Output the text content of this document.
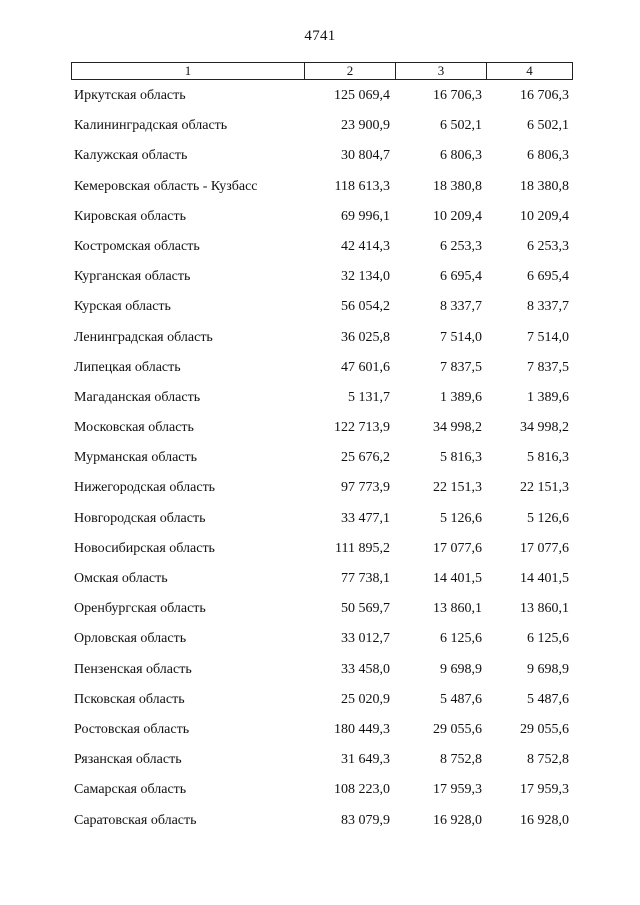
4741
1	2	3	4
Иркутская область	125 069,4	16 706,3	16 706,3
Калининградская область	23 900,9	6 502,1	6 502,1
Калужская область	30 804,7	6 806,3	6 806,3
Кемеровская область - Кузбасс	118 613,3	18 380,8	18 380,8
Кировская область	69 996,1	10 209,4	10 209,4
Костромская область	42 414,3	6 253,3	6 253,3
Курганская область	32 134,0	6 695,4	6 695,4
Курская область	56 054,2	8 337,7	8 337,7
Ленинградская область	36 025,8	7 514,0	7 514,0
Липецкая область	47 601,6	7 837,5	7 837,5
Магаданская область	5 131,7	1 389,6	1 389,6
Московская область	122 713,9	34 998,2	34 998,2
Мурманская область	25 676,2	5 816,3	5 816,3
Нижегородская область	97 773,9	22 151,3	22 151,3
Новгородская область	33 477,1	5 126,6	5 126,6
Новосибирская область	111 895,2	17 077,6	17 077,6
Омская область	77 738,1	14 401,5	14 401,5
Оренбургская область	50 569,7	13 860,1	13 860,1
Орловская область	33 012,7	6 125,6	6 125,6
Пензенская область	33 458,0	9 698,9	9 698,9
Псковская область	25 020,9	5 487,6	5 487,6
Ростовская область	180 449,3	29 055,6	29 055,6
Рязанская область	31 649,3	8 752,8	8 752,8
Самарская область	108 223,0	17 959,3	17 959,3
Саратовская область	83 079,9	16 928,0	16 928,0
